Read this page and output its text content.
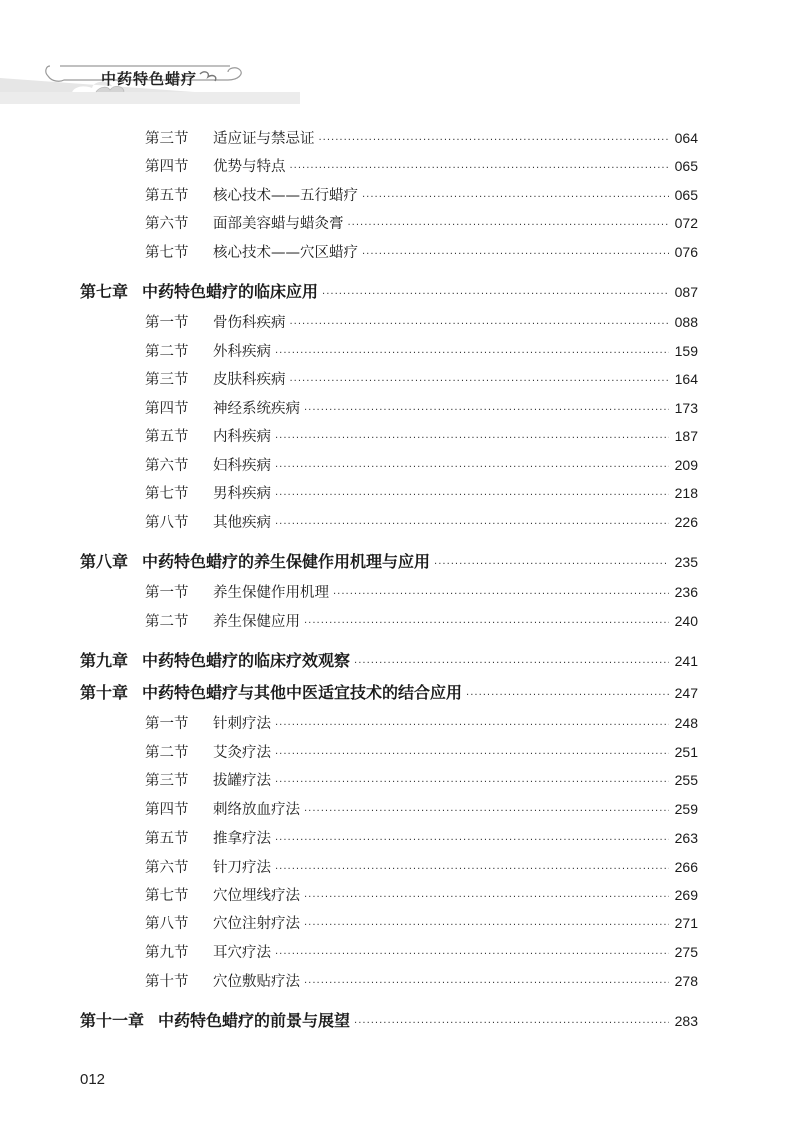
中药特色蜡疗
第三节	适应证与禁忌证 ·····	064
第四节	优势与特点 ·····	065
第五节	核心技术——五行蜡疗 ·····	065
第六节	面部美容蜡与蜡灸膏 ·····	072
第七节	核心技术——穴区蜡疗 ·····	076
第七章 中药特色蜡疗的临床应用 ·····	087
第一节	骨伤科疾病 ·····	088
第二节	外科疾病 ·····	159
第三节	皮肤科疾病 ·····	164
第四节	神经系统疾病 ·····	173
第五节	内科疾病 ·····	187
第六节	妇科疾病 ·····	209
第七节	男科疾病 ·····	218
第八节	其他疾病 ·····	226
第八章 中药特色蜡疗的养生保健作用机理与应用 ·····	235
第一节	养生保健作用机理 ·····	236
第二节	养生保健应用 ·····	240
第九章 中药特色蜡疗的临床疗效观察 ·····	241
第十章 中药特色蜡疗与其他中医适宜技术的结合应用 ·····	247
第一节	针刺疗法 ·····	248
第二节	艾灸疗法 ·····	251
第三节	拔罐疗法 ·····	255
第四节	刺络放血疗法 ·····	259
第五节	推拿疗法 ·····	263
第六节	针刀疗法 ·····	266
第七节	穴位埋线疗法 ·····	269
第八节	穴位注射疗法 ·····	271
第九节	耳穴疗法 ·····	275
第十节	穴位敷贴疗法 ·····	278
第十一章 中药特色蜡疗的前景与展望 ·····	283
012
